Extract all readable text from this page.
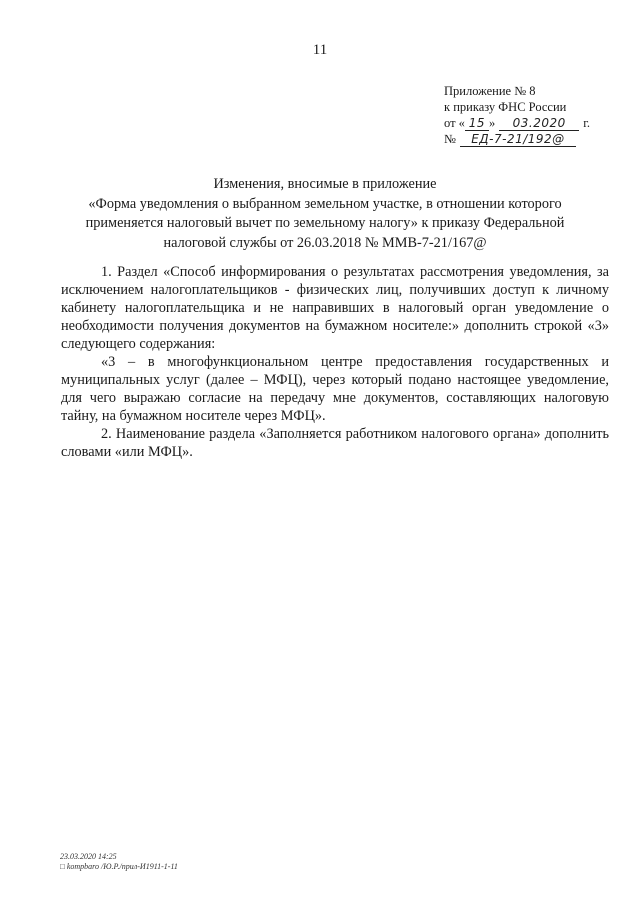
11
Приложение № 8
к приказу ФНС России
от « 15 » 03.2020 г.
№ ЕД-7-21/192@
Изменения, вносимые в приложение
«Форма уведомления о выбранном земельном участке, в отношении которого
применяется налоговый вычет по земельному налогу» к приказу Федеральной
налоговой службы от 26.03.2018 № ММВ-7-21/167@

1. Раздел «Способ информирования о результатах рассмотрения уведомления, за исключением налогоплательщиков - физических лиц, получивших доступ к личному кабинету налогоплательщика и не направивших в налоговый орган уведомление о необходимости получения документов на бумажном носителе:» дополнить строкой «3» следующего содержания:

«3 – в многофункциональном центре предоставления государственных и муниципальных услуг (далее – МФЦ), через который подано настоящее уведомление, для чего выражаю согласие на передачу мне документов, составляющих налоговую тайну, на бумажном носителе через МФЦ».

2. Наименование раздела «Заполняется работником налогового органа» дополнить словами «или МФЦ».

23.03.2020 14:25
□ kompbaro /Ю.Р./прил-И1911-1-11
